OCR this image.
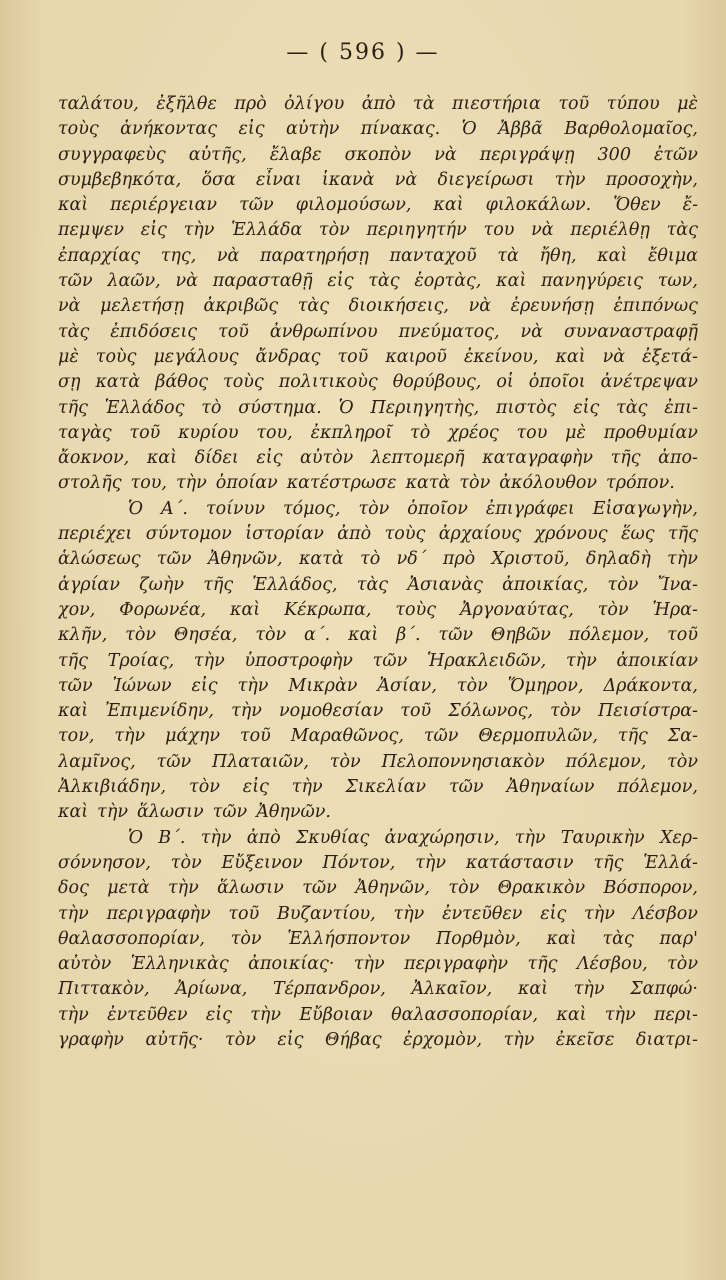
— ( 596 ) —
ταλάτου, ἐξῆλθε πρὸ ὀλίγου ἀπὸ τὰ πιεστήρια τοῦ τύπου μὲ
τοὺς ἀνήκοντας εἰς αὐτὴν πίνακας. Ὁ Ἀββᾶ Βαρθολομαῖος,
συγγραφεὺς αὐτῆς, ἔλαβε σκοπὸν νὰ περιγράψῃ 300 ἐτῶν
συμβεβηκότα, ὅσα εἶναι ἱκανὰ νὰ διεγείρωσι τὴν προσοχὴν,
καὶ περιέργειαν τῶν φιλομούσων, καὶ φιλοκάλων. Ὅθεν ἔ-
πεμψεν εἰς τὴν Ἑλλάδα τὸν περιηγητήν του νὰ περιέλθῃ τὰς
ἐπαρχίας της, νὰ παρατηρήσῃ πανταχοῦ τὰ ἤθη, καὶ ἔθιμα
τῶν λαῶν, νὰ παρασταθῇ εἰς τὰς ἑορτὰς, καὶ πανηγύρεις των,
νὰ μελετήσῃ ἀκριβῶς τὰς διοικήσεις, νὰ ἐρευνήσῃ ἐπιπόνως
τὰς ἐπιδόσεις τοῦ ἀνθρωπίνου πνεύματος, νὰ συναναστραφῇ
μὲ τοὺς μεγάλους ἄνδρας τοῦ καιροῦ ἐκείνου, καὶ νὰ ἐξετά-
σῃ κατὰ βάθος τοὺς πολιτικοὺς θορύβους, οἱ ὁποῖοι ἀνέτρεψαν
τῆς Ἑλλάδος τὸ σύστημα. Ὁ Περιηγητὴς, πιστὸς εἰς τὰς ἐπι-
ταγὰς τοῦ κυρίου του, ἐκπληροῖ τὸ χρέος του μὲ προθυμίαν
ἄοκνον, καὶ δίδει εἰς αὐτὸν λεπτομερῆ καταγραφὴν τῆς ἀπο-
στολῆς του, τὴν ὁποίαν κατέστρωσε κατὰ τὸν ἀκόλουθον τρόπον.
Ὁ Α΄. τοίνυν τόμος, τὸν ὁποῖον ἐπιγράφει Εἰσαγωγὴν,
περιέχει σύντομον ἱστορίαν ἀπὸ τοὺς ἀρχαίους χρόνους ἕως τῆς
ἁλώσεως τῶν Ἀθηνῶν, κατὰ τὸ νδ΄ πρὸ Χριστοῦ, δηλαδὴ τὴν
ἀγρίαν ζωὴν τῆς Ἑλλάδος, τὰς Ἀσιανὰς ἀποικίας, τὸν Ἴνα-
χον, Φορωνέα, καὶ Κέκρωπα, τοὺς Ἀργοναύτας, τὸν Ἡρα-
κλῆν, τὸν Θησέα, τὸν α΄. καὶ β΄. τῶν Θηβῶν πόλεμον, τοῦ
τῆς Τροίας, τὴν ὑποστροφὴν τῶν Ἡρακλειδῶν, τὴν ἀποικίαν
τῶν Ἰώνων εἰς τὴν Μικρὰν Ἀσίαν, τὸν Ὅμηρον, Δράκοντα,
καὶ Ἐπιμενίδην, τὴν νομοθεσίαν τοῦ Σόλωνος, τὸν Πεισίστρα-
τον, τὴν μάχην τοῦ Μαραθῶνος, τῶν Θερμοπυλῶν, τῆς Σα-
λαμῖνος, τῶν Πλαταιῶν, τὸν Πελοποννησιακὸν πόλεμον, τὸν
Ἀλκιβιάδην, τὸν εἰς τὴν Σικελίαν τῶν Ἀθηναίων πόλεμον,
καὶ τὴν ἅλωσιν τῶν Ἀθηνῶν.
Ὁ Β΄. τὴν ἀπὸ Σκυθίας ἀναχώρησιν, τὴν Ταυρικὴν Χερ-
σόννησον, τὸν Εὔξεινον Πόντον, τὴν κατάστασιν τῆς Ἑλλά-
δος μετὰ τὴν ἅλωσιν τῶν Ἀθηνῶν, τὸν Θρακικὸν Βόσπορον,
τὴν περιγραφὴν τοῦ Βυζαντίου, τὴν ἐντεῦθεν εἰς τὴν Λέσβον
θαλασσοπορίαν, τὸν Ἑλλήσποντον Πορθμὸν, καὶ τὰς παρ'
αὐτὸν Ἑλληνικὰς ἀποικίας· τὴν περιγραφὴν τῆς Λέσβου, τὸν
Πιττακὸν, Ἀρίωνα, Τέρπανδρον, Ἀλκαῖον, καὶ τὴν Σαπφώ·
τὴν ἐντεῦθεν εἰς τὴν Εὔβοιαν θαλασσοπορίαν, καὶ τὴν περι-
γραφὴν αὐτῆς· τὸν εἰς Θήβας ἐρχομὸν, τὴν ἐκεῖσε διατρι-
